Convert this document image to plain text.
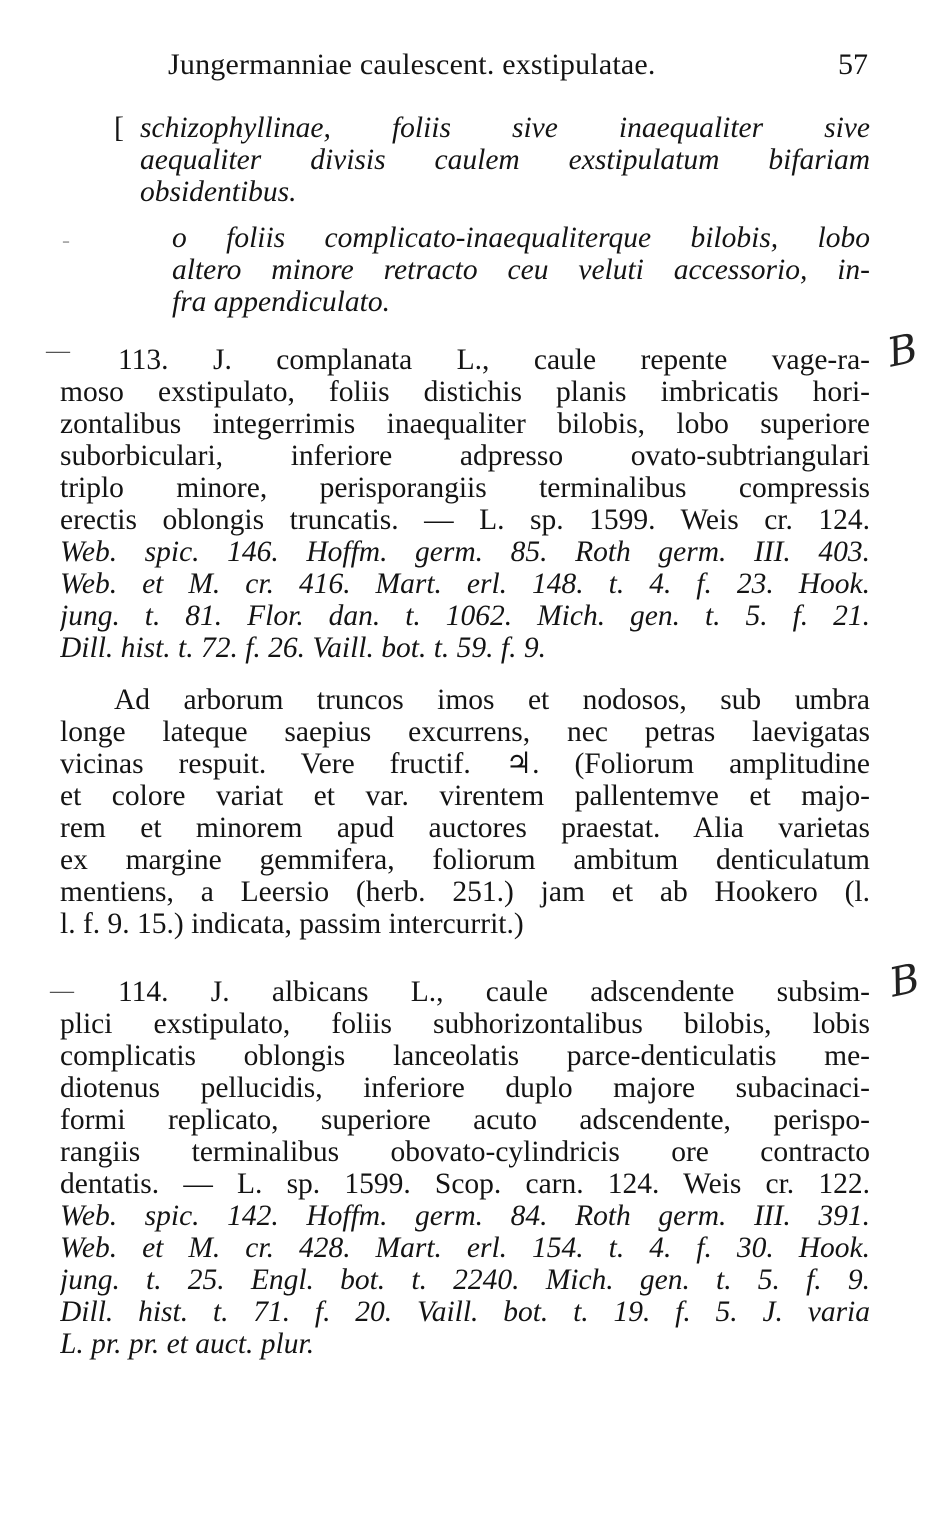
Jungermanniae caulescent. exstipulatae.	57
-
—
—
B
B
[ schizophyllinae, foliis sive inaequaliter sive
aequaliter divisis caulem exstipulatum bifariam
obsidentibus.
o foliis complicato-inaequaliterque bilobis, lobo
altero minore retracto ceu veluti accessorio, in-
fra appendiculato.
113. J. complanata L., caule repente vage-ra-
moso exstipulato, foliis distichis planis imbricatis hori-
zontalibus integerrimis inaequaliter bilobis, lobo superiore
suborbiculari, inferiore adpresso ovato-subtriangulari
triplo minore, perisporangiis terminalibus compressis
erectis oblongis truncatis. — L. sp. 1599. Weis cr. 124.
Web. spic. 146. Hoffm. germ. 85. Roth germ. III. 403.
Web. et M. cr. 416. Mart. erl. 148. t. 4. f. 23. Hook.
jung. t. 81. Flor. dan. t. 1062. Mich. gen. t. 5. f. 21.
Dill. hist. t. 72. f. 26. Vaill. bot. t. 59. f. 9.
Ad arborum truncos imos et nodosos, sub umbra
longe lateque saepius excurrens, nec petras laevigatas
vicinas respuit. Vere fructif. ♃. (Foliorum amplitudine
et colore variat et var. virentem pallentemve et majo-
rem et minorem apud auctores praestat. Alia varietas
ex margine gemmifera, foliorum ambitum denticulatum
mentiens, a Leersio (herb. 251.) jam et ab Hookero (l.
l. f. 9. 15.) indicata, passim intercurrit.)
114. J. albicans L., caule adscendente subsim-
plici exstipulato, foliis subhorizontalibus bilobis, lobis
complicatis oblongis lanceolatis parce-denticulatis me-
diotenus pellucidis, inferiore duplo majore subacinaci-
formi replicato, superiore acuto adscendente, perispo-
rangiis terminalibus obovato-cylindricis ore contracto
dentatis. — L. sp. 1599. Scop. carn. 124. Weis cr. 122.
Web. spic. 142. Hoffm. germ. 84. Roth germ. III. 391.
Web. et M. cr. 428. Mart. erl. 154. t. 4. f. 30. Hook.
jung. t. 25. Engl. bot. t. 2240. Mich. gen. t. 5. f. 9.
Dill. hist. t. 71. f. 20. Vaill. bot. t. 19. f. 5. J. varia
L. pr. pr. et auct. plur.
